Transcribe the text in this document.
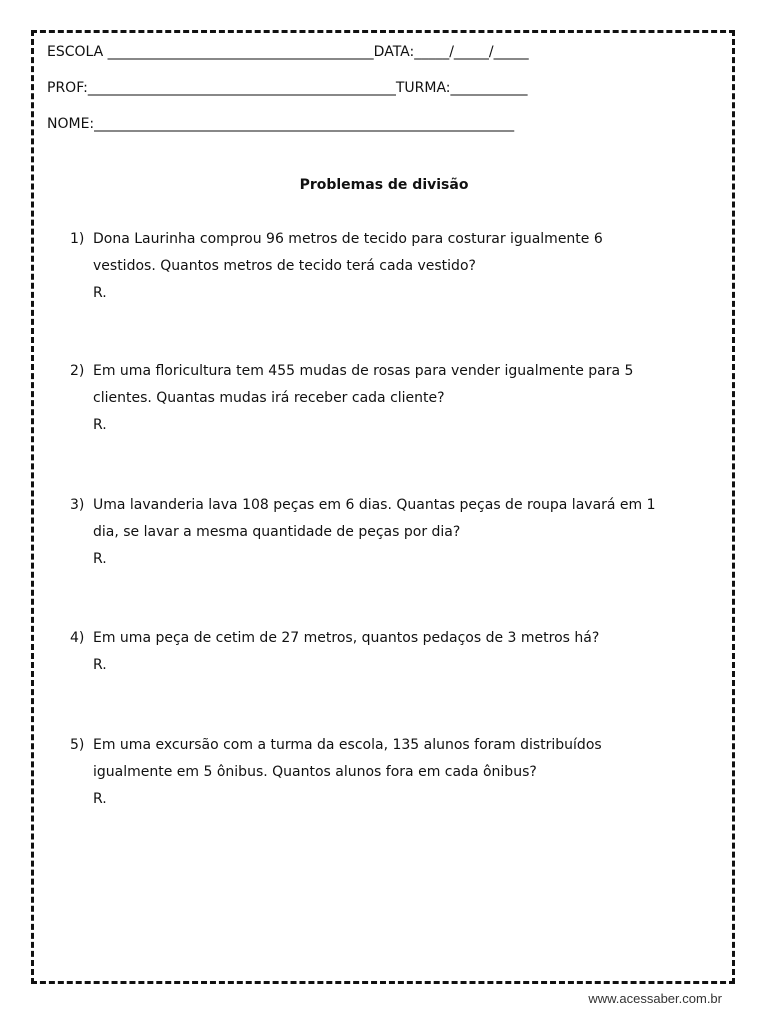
ESCOLA ______________________________________DATA:_____/_____/_____
PROF:____________________________________________TURMA:___________
NOME:____________________________________________________________
Problemas de divisão
1) Dona Laurinha comprou 96 metros de tecido para costurar igualmente 6
vestidos. Quantos metros de tecido terá cada vestido?
R.
2) Em uma floricultura tem 455 mudas de rosas para vender igualmente para 5
clientes. Quantas mudas irá receber cada cliente?
R.
3) Uma lavanderia lava 108 peças em 6 dias. Quantas peças de roupa lavará em 1
dia, se lavar a mesma quantidade de peças por dia?
R.
4) Em uma peça de cetim de 27 metros, quantos pedaços de 3 metros há?
R.
5) Em uma excursão com a turma da escola, 135 alunos foram distribuídos
igualmente em 5 ônibus. Quantos alunos fora em cada ônibus?
R.
www.acessaber.com.br
